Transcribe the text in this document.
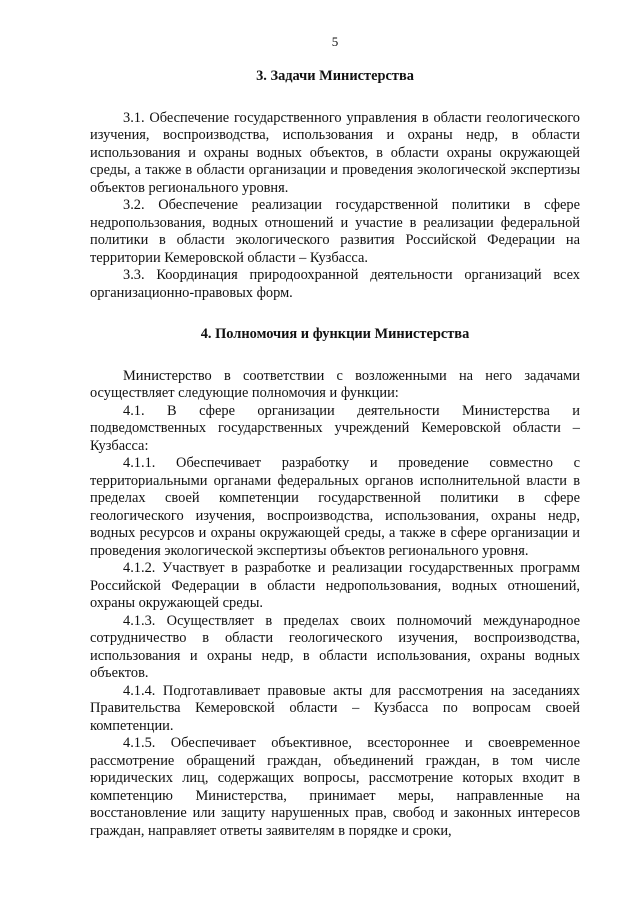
5
3. Задачи Министерства

3.1. Обеспечение государственного управления в области геологического изучения, воспроизводства, использования и охраны недр, в области использования и охраны водных объектов, в области охраны окружающей среды, а также в области организации и проведения экологической экспертизы объектов регионального уровня.

3.2. Обеспечение реализации государственной политики в сфере недропользования, водных отношений и участие в реализации федеральной политики в области экологического развития Российской Федерации на территории Кемеровской области – Кузбасса.

3.3. Координация природоохранной деятельности организаций всех организационно-правовых форм.

4. Полномочия и функции Министерства

Министерство в соответствии с возложенными на него задачами осуществляет следующие полномочия и функции:

4.1. В сфере организации деятельности Министерства и подведомственных государственных учреждений Кемеровской области – Кузбасса:

4.1.1. Обеспечивает разработку и проведение совместно с территориальными органами федеральных органов исполнительной власти в пределах своей компетенции государственной политики в сфере геологического изучения, воспроизводства, использования, охраны недр, водных ресурсов и охраны окружающей среды, а также в сфере организации и проведения экологической экспертизы объектов регионального уровня.

4.1.2. Участвует в разработке и реализации государственных программ Российской Федерации в области недропользования, водных отношений, охраны окружающей среды.

4.1.3. Осуществляет в пределах своих полномочий международное сотрудничество в области геологического изучения, воспроизводства, использования и охраны недр, в области использования, охраны водных объектов.

4.1.4. Подготавливает правовые акты для рассмотрения на заседаниях Правительства Кемеровской области – Кузбасса по вопросам своей компетенции.

4.1.5. Обеспечивает объективное, всестороннее и своевременное рассмотрение обращений граждан, объединений граждан, в том числе юридических лиц, содержащих вопросы, рассмотрение которых входит в компетенцию Министерства, принимает меры, направленные на восстановление или защиту нарушенных прав, свобод и законных интересов граждан, направляет ответы заявителям в порядке и сроки,
